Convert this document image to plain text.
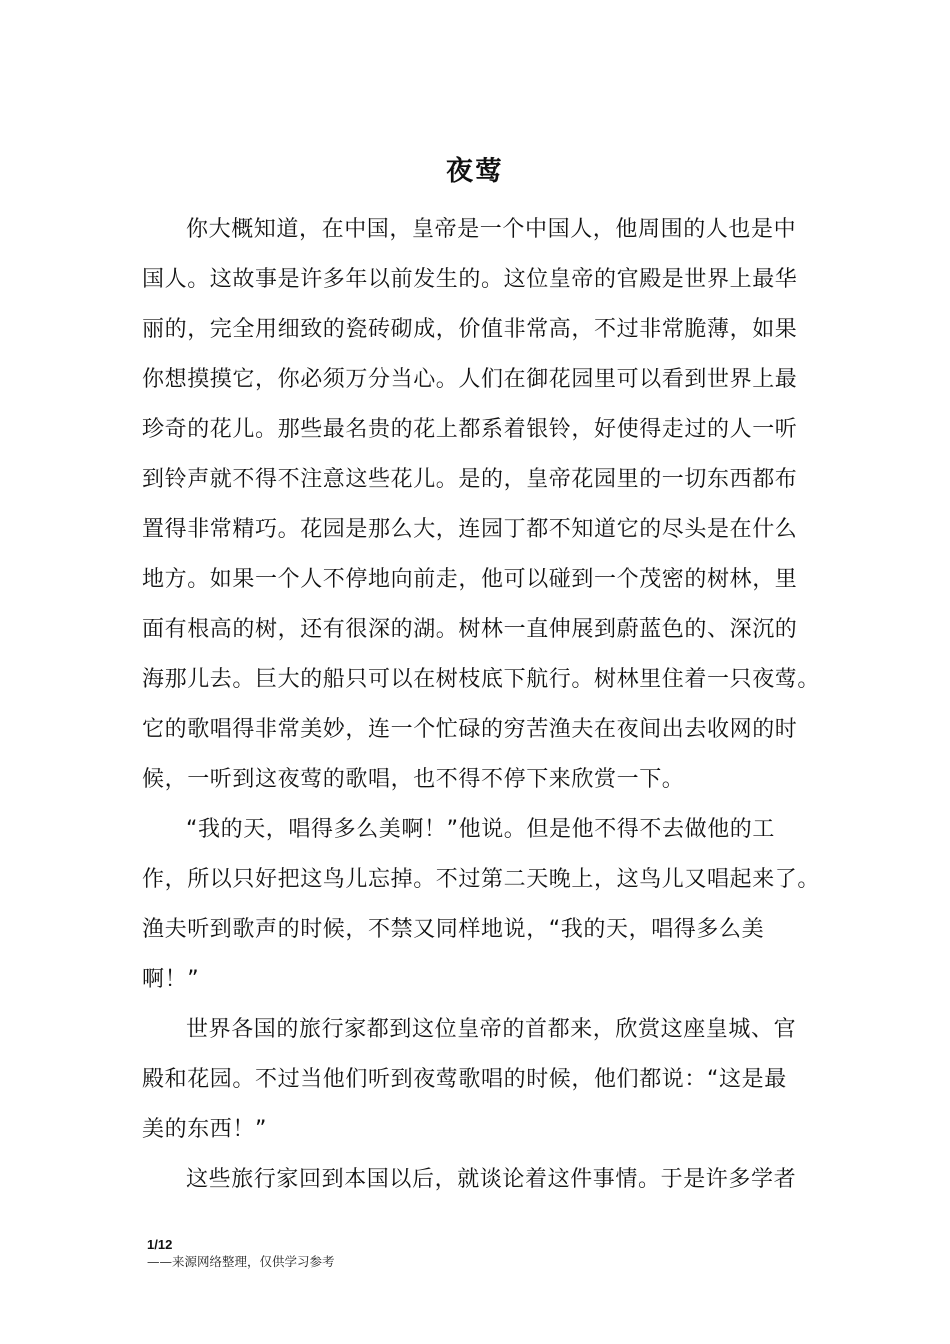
夜莺

你大概知道，在中国，皇帝是一个中国人，他周围的人也是中
国人。这故事是许多年以前发生的。这位皇帝的官殿是世界上最华
丽的，完全用细致的瓷砖砌成，价值非常高，不过非常脆薄，如果
你想摸摸它，你必须万分当心。人们在御花园里可以看到世界上最
珍奇的花儿。那些最名贵的花上都系着银铃，好使得走过的人一听
到铃声就不得不注意这些花儿。是的，皇帝花园里的一切东西都布
置得非常精巧。花园是那么大，连园丁都不知道它的尽头是在什么
地方。如果一个人不停地向前走，他可以碰到一个茂密的树林，里
面有根高的树，还有很深的湖。树林一直伸展到蔚蓝色的、深沉的
海那儿去。巨大的船只可以在树枝底下航行。树林里住着一只夜莺。
它的歌唱得非常美妙，连一个忙碌的穷苦渔夫在夜间出去收网的时
候，一听到这夜莺的歌唱，也不得不停下来欣赏一下。

“我的天，唱得多么美啊！”他说。但是他不得不去做他的工
作，所以只好把这鸟儿忘掉。不过第二天晚上，这鸟儿又唱起来了。
渔夫听到歌声的时候，不禁又同样地说，“我的天，唱得多么美
啊！”

世界各国的旅行家都到这位皇帝的首都来，欣赏这座皇城、官
殿和花园。不过当他们听到夜莺歌唱的时候，他们都说：“这是最
美的东西！”

这些旅行家回到本国以后，就谈论着这件事情。于是许多学者

1/12
——来源网络整理，仅供学习参考
